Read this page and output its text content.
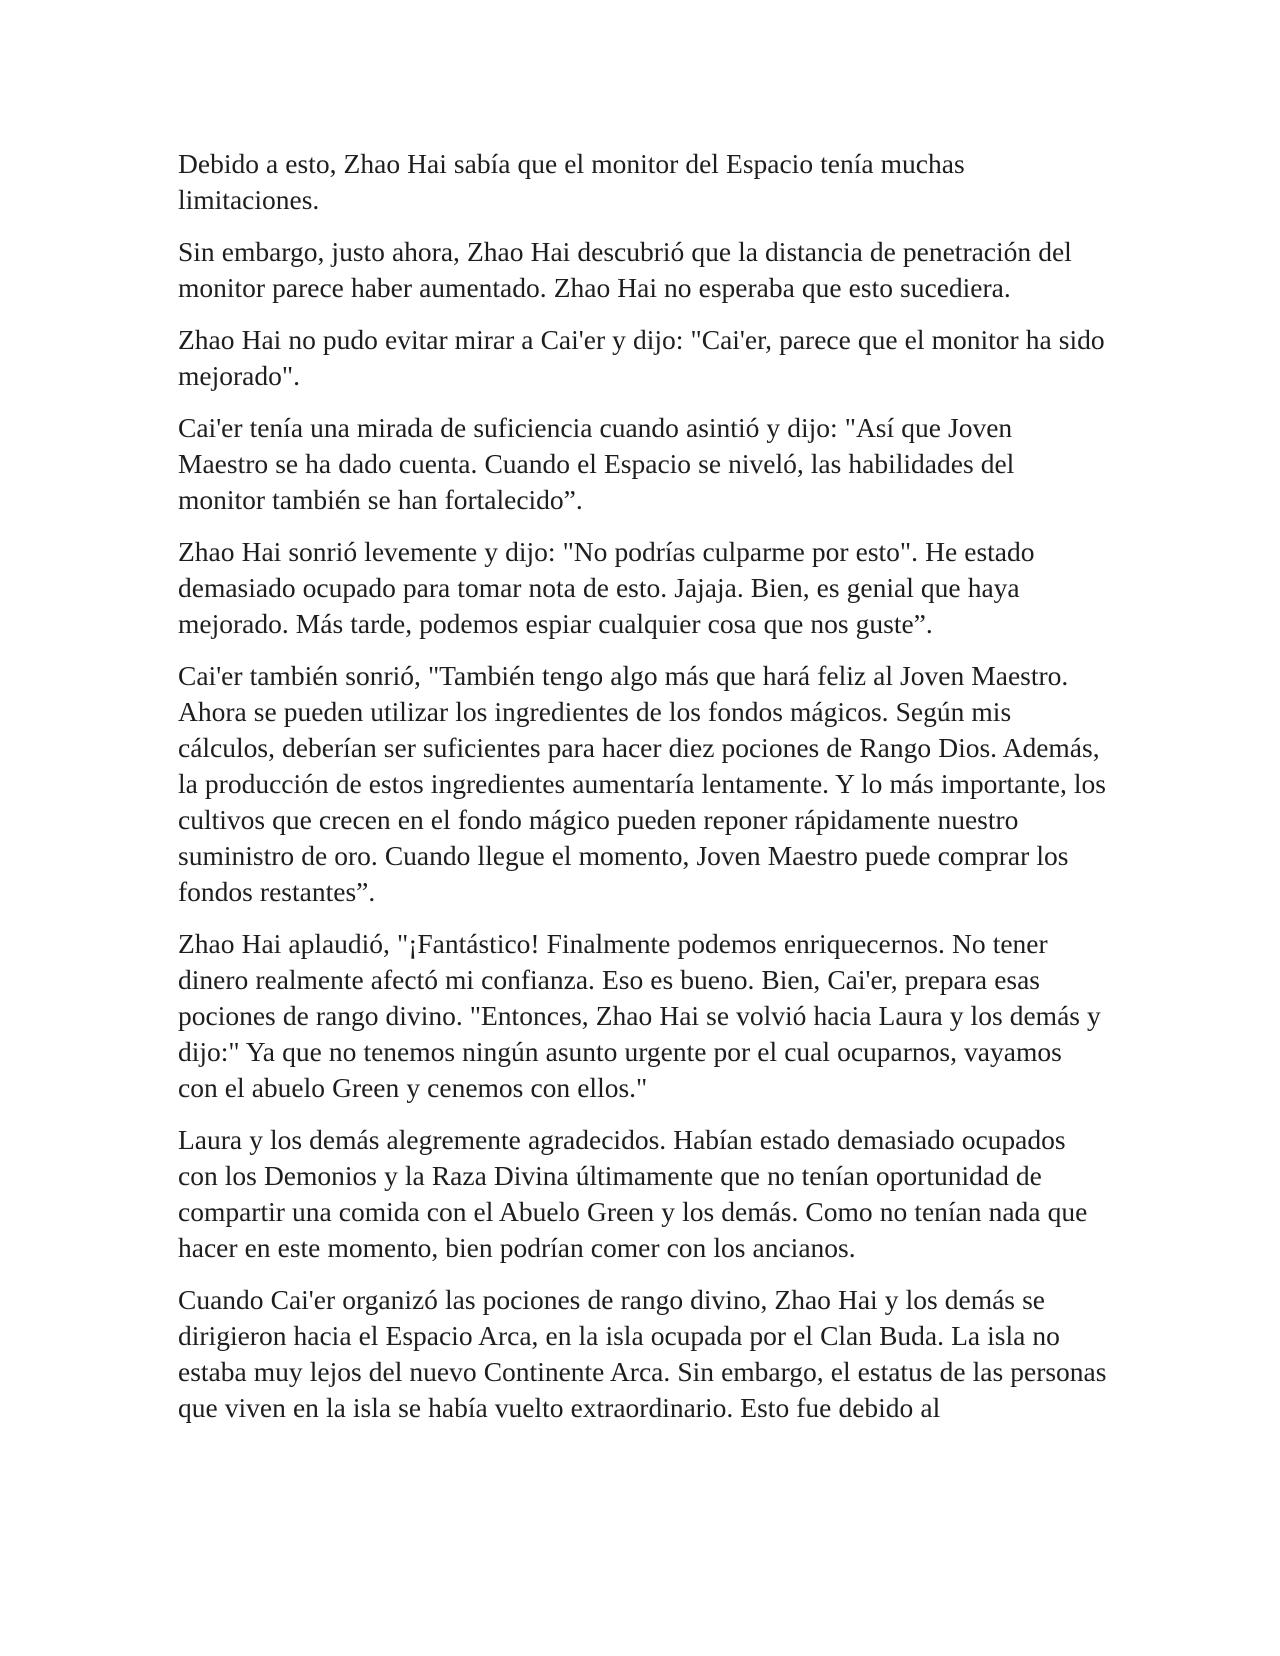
Debido a esto, Zhao Hai sabía que el monitor del Espacio tenía muchas limitaciones.

Sin embargo, justo ahora, Zhao Hai descubrió que la distancia de penetración del monitor parece haber aumentado. Zhao Hai no esperaba que esto sucediera.

Zhao Hai no pudo evitar mirar a Cai'er y dijo: "Cai'er, parece que el monitor ha sido mejorado".

Cai'er tenía una mirada de suficiencia cuando asintió y dijo: "Así que Joven Maestro se ha dado cuenta. Cuando el Espacio se niveló, las habilidades del monitor también se han fortalecido”.

Zhao Hai sonrió levemente y dijo: "No podrías culparme por esto". He estado demasiado ocupado para tomar nota de esto. Jajaja. Bien, es genial que haya mejorado. Más tarde, podemos espiar cualquier cosa que nos guste”.

Cai'er también sonrió, "También tengo algo más que hará feliz al Joven Maestro. Ahora se pueden utilizar los ingredientes de los fondos mágicos. Según mis cálculos, deberían ser suficientes para hacer diez pociones de Rango Dios. Además, la producción de estos ingredientes aumentaría lentamente. Y lo más importante, los cultivos que crecen en el fondo mágico pueden reponer rápidamente nuestro suministro de oro. Cuando llegue el momento, Joven Maestro puede comprar los fondos restantes”.

Zhao Hai aplaudió, "¡Fantástico! Finalmente podemos enriquecernos. No tener dinero realmente afectó mi confianza. Eso es bueno. Bien, Cai'er, prepara esas pociones de rango divino. "Entonces, Zhao Hai se volvió hacia Laura y los demás y dijo:" Ya que no tenemos ningún asunto urgente por el cual ocuparnos, vayamos con el abuelo Green y cenemos con ellos."

Laura y los demás alegremente agradecidos. Habían estado demasiado ocupados con los Demonios y la Raza Divina últimamente que no tenían oportunidad de compartir una comida con el Abuelo Green y los demás. Como no tenían nada que hacer en este momento, bien podrían comer con los ancianos.

Cuando Cai'er organizó las pociones de rango divino, Zhao Hai y los demás se dirigieron hacia el Espacio Arca, en la isla ocupada por el Clan Buda. La isla no estaba muy lejos del nuevo Continente Arca. Sin embargo, el estatus de las personas que viven en la isla se había vuelto extraordinario. Esto fue debido al
